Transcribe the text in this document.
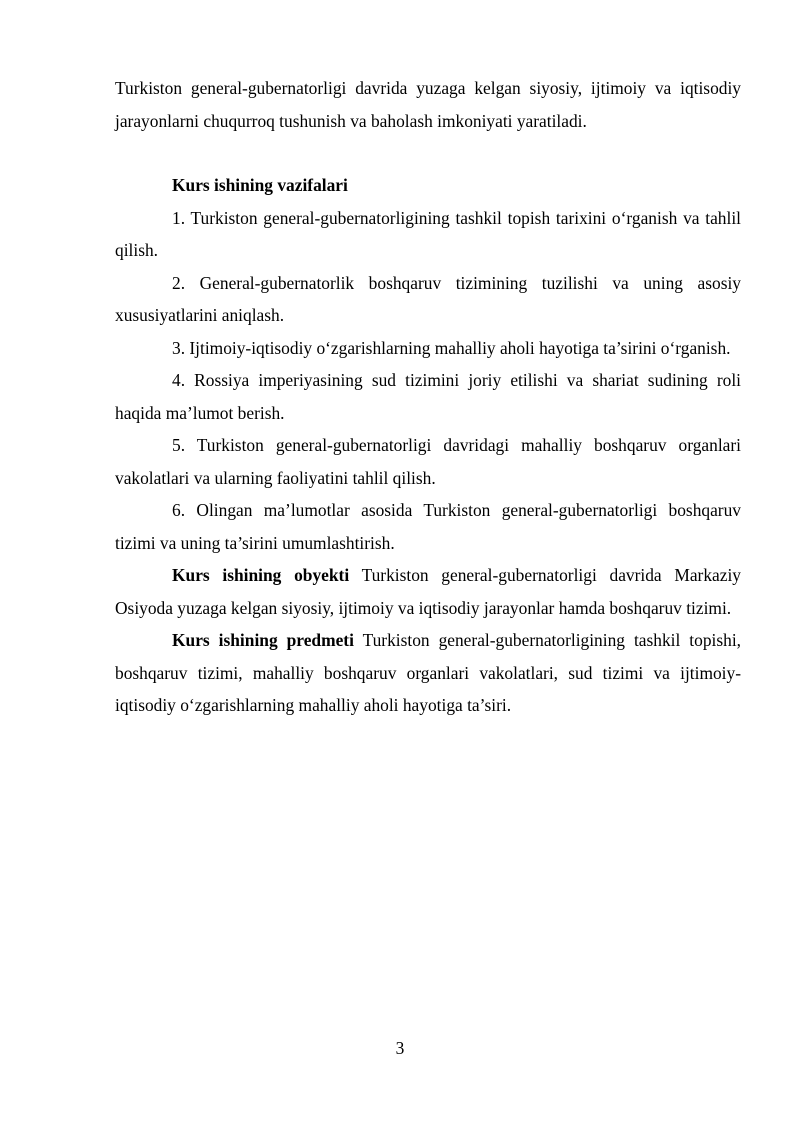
Turkiston general-gubernatorligi davrida yuzaga kelgan siyosiy, ijtimoiy va iqtisodiy jarayonlarni chuqurroq tushunish va baholash imkoniyati yaratiladi.

Kurs ishining vazifalari

1. Turkiston general-gubernatorligining tashkil topish tarixini o‘rganish va tahlil qilish.

2. General-gubernatorlik boshqaruv tizimining tuzilishi va uning asosiy xususiyatlarini aniqlash.

3. Ijtimoiy-iqtisodiy o‘zgarishlarning mahalliy aholi hayotiga ta’sirini o‘rganish.

4. Rossiya imperiyasining sud tizimini joriy etilishi va shariat sudining roli haqida ma’lumot berish.

5. Turkiston general-gubernatorligi davridagi mahalliy boshqaruv organlari vakolatlari va ularning faoliyatini tahlil qilish.

6. Olingan ma’lumotlar asosida Turkiston general-gubernatorligi boshqaruv tizimi va uning ta’sirini umumlashtirish.

Kurs ishining obyekti Turkiston general-gubernatorligi davrida Markaziy Osiyoda yuzaga kelgan siyosiy, ijtimoiy va iqtisodiy jarayonlar hamda boshqaruv tizimi.

Kurs ishining predmeti Turkiston general-gubernatorligining tashkil topishi, boshqaruv tizimi, mahalliy boshqaruv organlari vakolatlari, sud tizimi va ijtimoiy-iqtisodiy o‘zgarishlarning mahalliy aholi hayotiga ta’siri.

3
